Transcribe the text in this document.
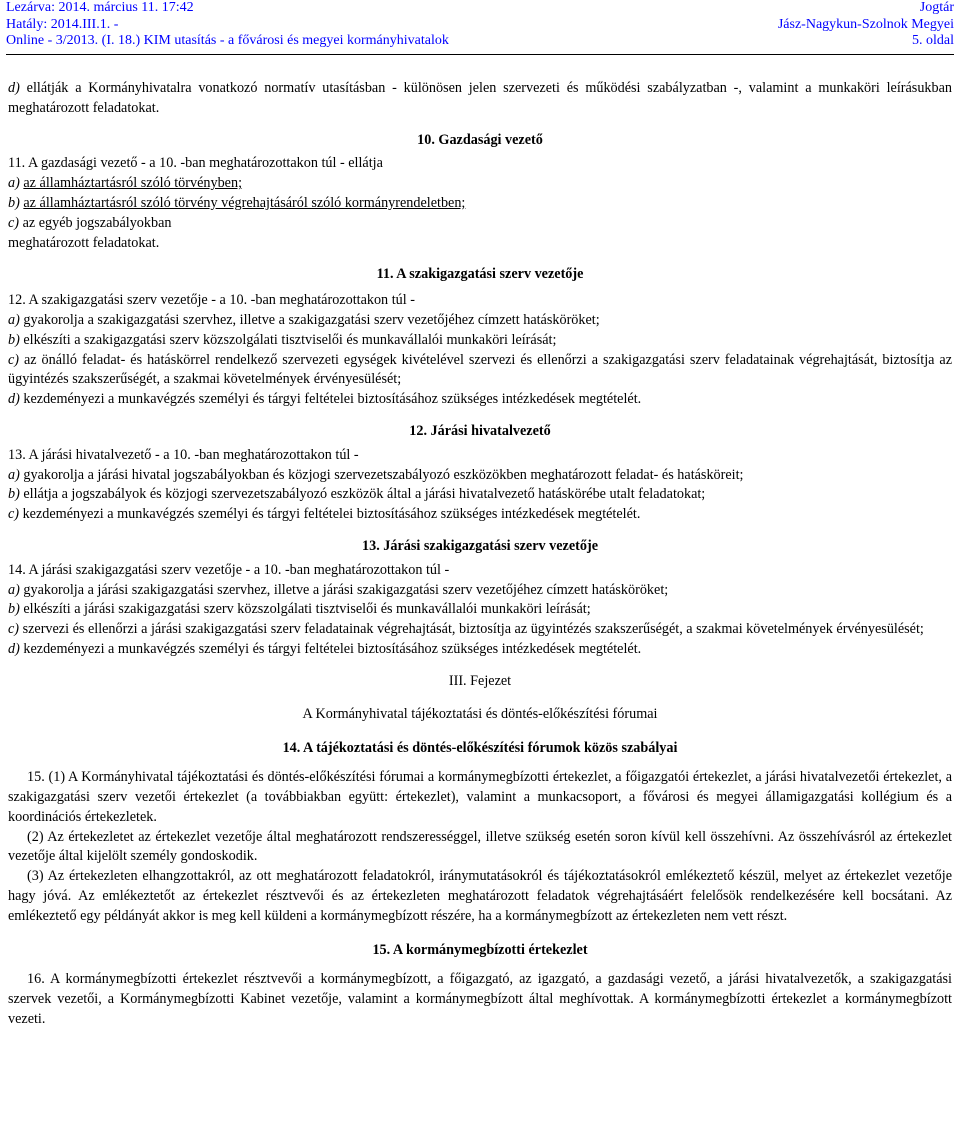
Lezárva: 2014. március 11. 17:42
Hatály: 2014.III.1. -
Online - 3/2013. (I. 18.) KIM utasítás - a fővárosi és megyei kormányhivatalok
Jogtár
Jász-Nagykun-Szolnok Megyei
5. oldal

d) ellátják a Kormányhivatalra vonatkozó normatív utasításban - különösen jelen szervezeti és működési szabályzatban -, valamint a munkaköri leírásukban meghatározott feladatokat.

10. Gazdasági vezető

11. A gazdasági vezető - a 10. -ban meghatározottakon túl - ellátja

a) az államháztartásról szóló törvényben;

b) az államháztartásról szóló törvény végrehajtásáról szóló kormányrendeletben;

c) az egyéb jogszabályokban

meghatározott feladatokat.

11. A szakigazgatási szerv vezetője

12. A szakigazgatási szerv vezetője - a 10. -ban meghatározottakon túl -

a) gyakorolja a szakigazgatási szervhez, illetve a szakigazgatási szerv vezetőjéhez címzett hatásköröket;

b) elkészíti a szakigazgatási szerv közszolgálati tisztviselői és munkavállalói munkaköri leírását;

c) az önálló feladat- és hatáskörrel rendelkező szervezeti egységek kivételével szervezi és ellenőrzi a szakigazgatási szerv feladatainak végrehajtását, biztosítja az ügyintézés szakszerűségét, a szakmai követelmények érvényesülését;

d) kezdeményezi a munkavégzés személyi és tárgyi feltételei biztosításához szükséges intézkedések megtételét.

12. Járási hivatalvezető

13. A járási hivatalvezető - a 10. -ban meghatározottakon túl -

a) gyakorolja a járási hivatal jogszabályokban és közjogi szervezetszabályozó eszközökben meghatározott feladat- és hatásköreit;

b) ellátja a jogszabályok és közjogi szervezetszabályozó eszközök által a járási hivatalvezető hatáskörébe utalt feladatokat;

c) kezdeményezi a munkavégzés személyi és tárgyi feltételei biztosításához szükséges intézkedések megtételét.

13. Járási szakigazgatási szerv vezetője

14. A járási szakigazgatási szerv vezetője - a 10. -ban meghatározottakon túl -

a) gyakorolja a járási szakigazgatási szervhez, illetve a járási szakigazgatási szerv vezetőjéhez címzett hatásköröket;

b) elkészíti a járási szakigazgatási szerv közszolgálati tisztviselői és munkavállalói munkaköri leírását;

c) szervezi és ellenőrzi a járási szakigazgatási szerv feladatainak végrehajtását, biztosítja az ügyintézés szakszerűségét, a szakmai követelmények érvényesülését;

d) kezdeményezi a munkavégzés személyi és tárgyi feltételei biztosításához szükséges intézkedések megtételét.

III. Fejezet

A Kormányhivatal tájékoztatási és döntés-előkészítési fórumai

14. A tájékoztatási és döntés-előkészítési fórumok közös szabályai

15. (1) A Kormányhivatal tájékoztatási és döntés-előkészítési fórumai a kormánymegbízotti értekezlet, a főigazgatói értekezlet, a járási hivatalvezetői értekezlet, a szakigazgatási szerv vezetői értekezlet (a továbbiakban együtt: értekezlet), valamint a munkacsoport, a fővárosi és megyei államigazgatási kollégium és a koordinációs értekezletek.

(2) Az értekezletet az értekezlet vezetője által meghatározott rendszerességgel, illetve szükség esetén soron kívül kell összehívni. Az összehívásról az értekezlet vezetője által kijelölt személy gondoskodik.

(3) Az értekezleten elhangzottakról, az ott meghatározott feladatokról, iránymutatásokról és tájékoztatásokról emlékeztető készül, melyet az értekezlet vezetője hagy jóvá. Az emlékeztetőt az értekezlet résztvevői és az értekezleten meghatározott feladatok végrehajtásáért felelősök rendelkezésére kell bocsátani. Az emlékeztető egy példányát akkor is meg kell küldeni a kormánymegbízott részére, ha a kormánymegbízott az értekezleten nem vett részt.

15. A kormánymegbízotti értekezlet

16. A kormánymegbízotti értekezlet résztvevői a kormánymegbízott, a főigazgató, az igazgató, a gazdasági vezető, a járási hivatalvezetők, a szakigazgatási szervek vezetői, a Kormánymegbízotti Kabinet vezetője, valamint a kormánymegbízott által meghívottak. A kormánymegbízotti értekezlet a kormánymegbízott vezeti.
